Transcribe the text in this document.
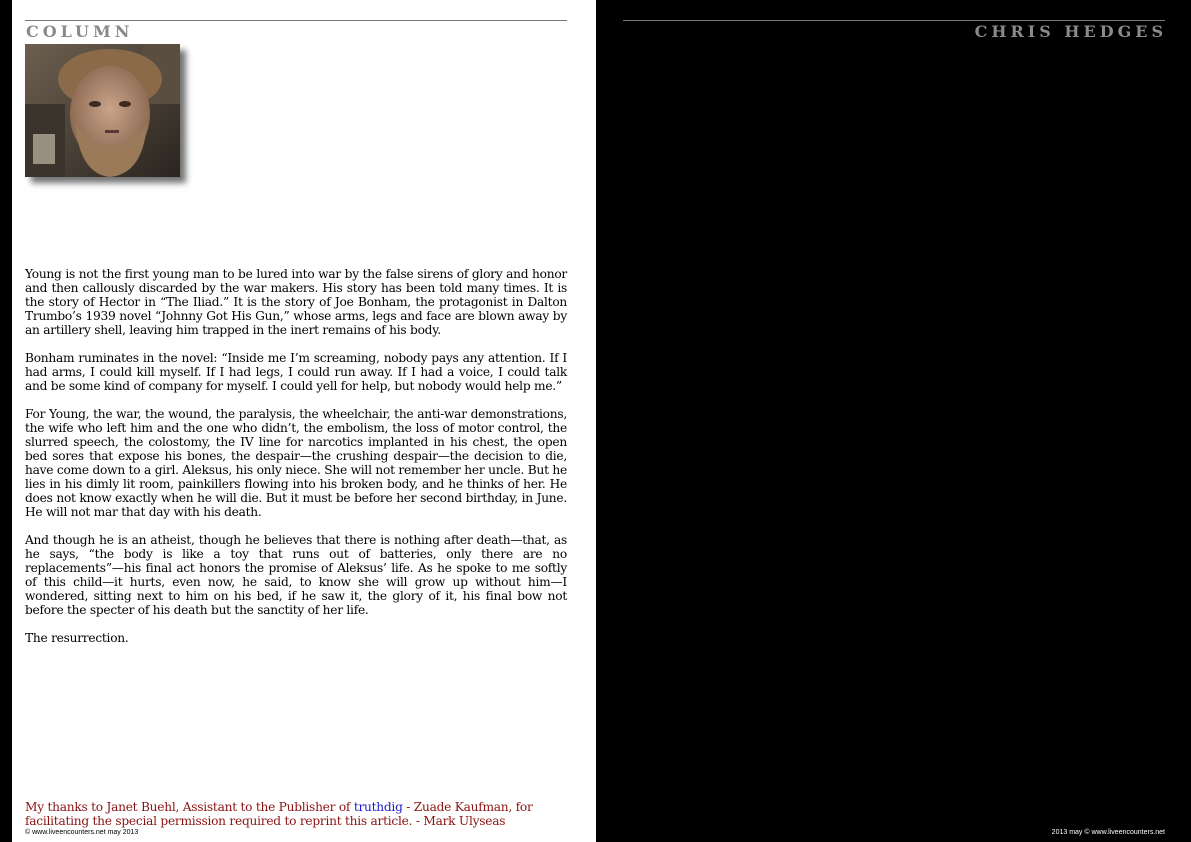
COLUMN

Young is not the first young man to be lured into war by the false sirens of glory and honor and then callously discarded by the war makers. His story has been told many times. It is the story of Hector in “The Iliad.” It is the story of Joe Bonham, the protagonist in Dalton Trumbo’s 1939 novel “Johnny Got His Gun,” whose arms, legs and face are blown away by an artillery shell, leaving him trapped in the inert remains of his body.

Bonham ruminates in the novel: “Inside me I’m screaming, nobody pays any attention. If I had arms, I could kill myself. If I had legs, I could run away. If I had a voice, I could talk and be some kind of company for myself. I could yell for help, but nobody would help me.”

For Young, the war, the wound, the paralysis, the wheelchair, the anti-war demonstrations, the wife who left him and the one who didn’t, the embolism, the loss of motor control, the slurred speech, the colostomy, the IV line for narcotics implanted in his chest, the open bed sores that expose his bones, the despair—the crushing despair—the decision to die, have come down to a girl. Aleksus, his only niece. She will not remember her uncle. But he lies in his dimly lit room, painkillers flowing into his broken body, and he thinks of her. He does not know exactly when he will die. But it must be before her second birthday, in June. He will not mar that day with his death.

And though he is an atheist, though he believes that there is nothing after death—that, as he says, “the body is like a toy that runs out of batteries, only there are no replacements”—his final act honors the promise of Aleksus’ life. As he spoke to me softly of this child—it hurts, even now, he said, to know she will grow up without him—I wondered, sitting next to him on his bed, if he saw it, the glory of it, his final bow not before the specter of his death but the sanctity of her life.

The resurrection.

My thanks to Janet Buehl, Assistant to the Publisher of truthdig - Zuade Kaufman, for facilitating the special permission required to reprint this article. - Mark Ulyseas
© www.liveencounters.net may 2013
CHRIS HEDGES
2013 may © www.liveencounters.net
